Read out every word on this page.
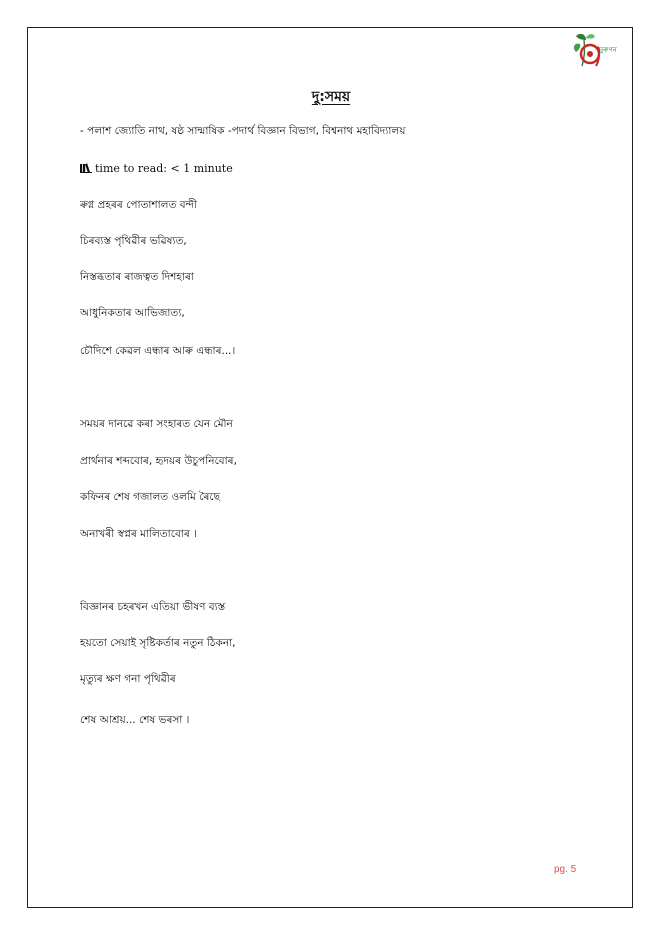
নুৰুণন
দু:সময়
- পলাশ জ্যোতি নাথ, ষষ্ঠ সান্মাষিক -পদাৰ্থ বিজ্ঞান বিভাগ, বিশ্বনাথ মহাবিদ্যালয়
time to read: < 1 minute
ৰুগ্ন প্ৰহৰৰ পোতাশালত বন্দী
চিৰব্যস্ত পৃথিৱীৰ ভৱিষ্যত,
নিস্তব্ধতাৰ ৰাজত্বত দিশহাৰা
আধুনিকতাৰ আভিজাত্য,
চৌদিশে কেৱল এন্ধাৰ আৰু এন্ধাৰ...।
সময়ৰ দানৱে কৰা সংহাৰত যেন মৌন
প্ৰাৰ্থনাৰ শব্দবোৰ, হৃদয়ৰ উচুপনিবোৰ,
কফিনৰ শেষ গজালত ওলমি ৰৈছে
অনাখৰী স্বপ্নৰ মালিতাবোৰ ।
বিজ্ঞানৰ চহৰখন এতিয়া ভীষণ ব্যস্ত
হয়তো সেয়াই সৃষ্টিকৰ্তাৰ নতুন ঠিকনা,
মৃত্যুৰ ক্ষণ গনা পৃথিৱীৰ
শেষ আশ্ৰয়... শেষ ভৰসা ।
pg. 5
